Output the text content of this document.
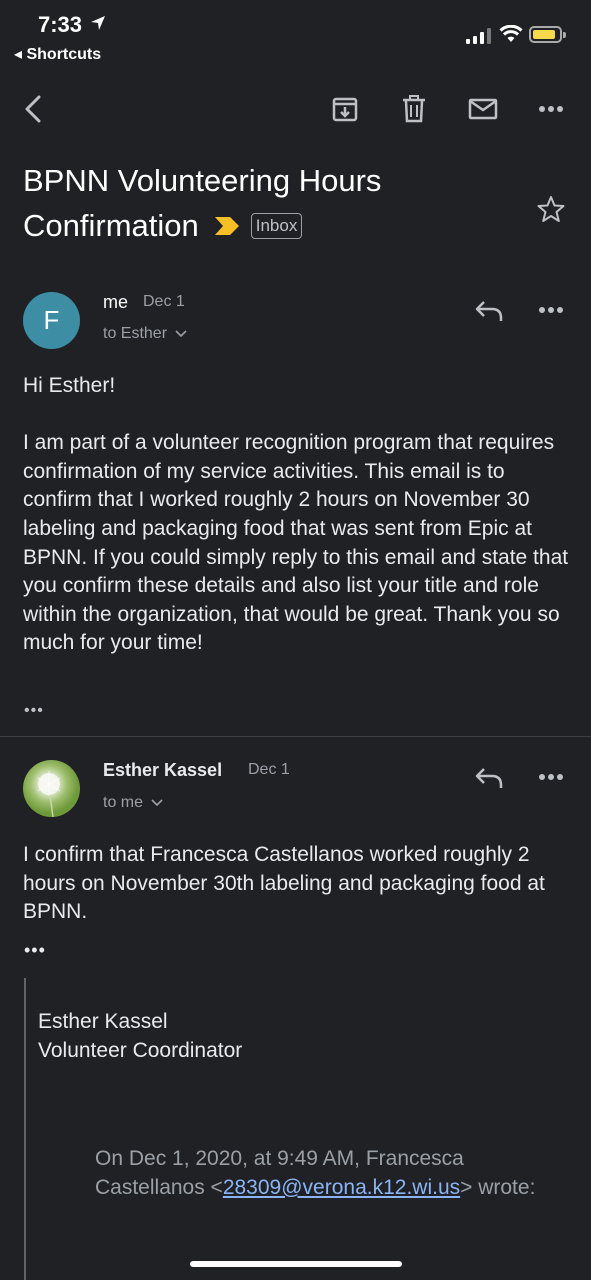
7:33
◂ Shortcuts
BPNN Volunteering Hours
Confirmation	Inbox
F
me Dec 1
to Esther

Hi Esther!

I am part of a volunteer recognition program that requires confirmation of my service activities. This email is to confirm that I worked roughly 2 hours on November 30 labeling and packaging food that was sent from Epic at BPNN. If you could simply reply to this email and state that you confirm these details and also list your title and role within the organization, that would be great. Thank you so much for your time!

•••
Esther Kassel Dec 1
to me

I confirm that Francesca Castellanos worked roughly 2 hours on November 30th labeling and packaging food at BPNN.

•••
Esther Kassel
Volunteer Coordinator
On Dec 1, 2020, at 9:49 AM, Francesca Castellanos <28309@verona.k12.wi.us> wrote:
